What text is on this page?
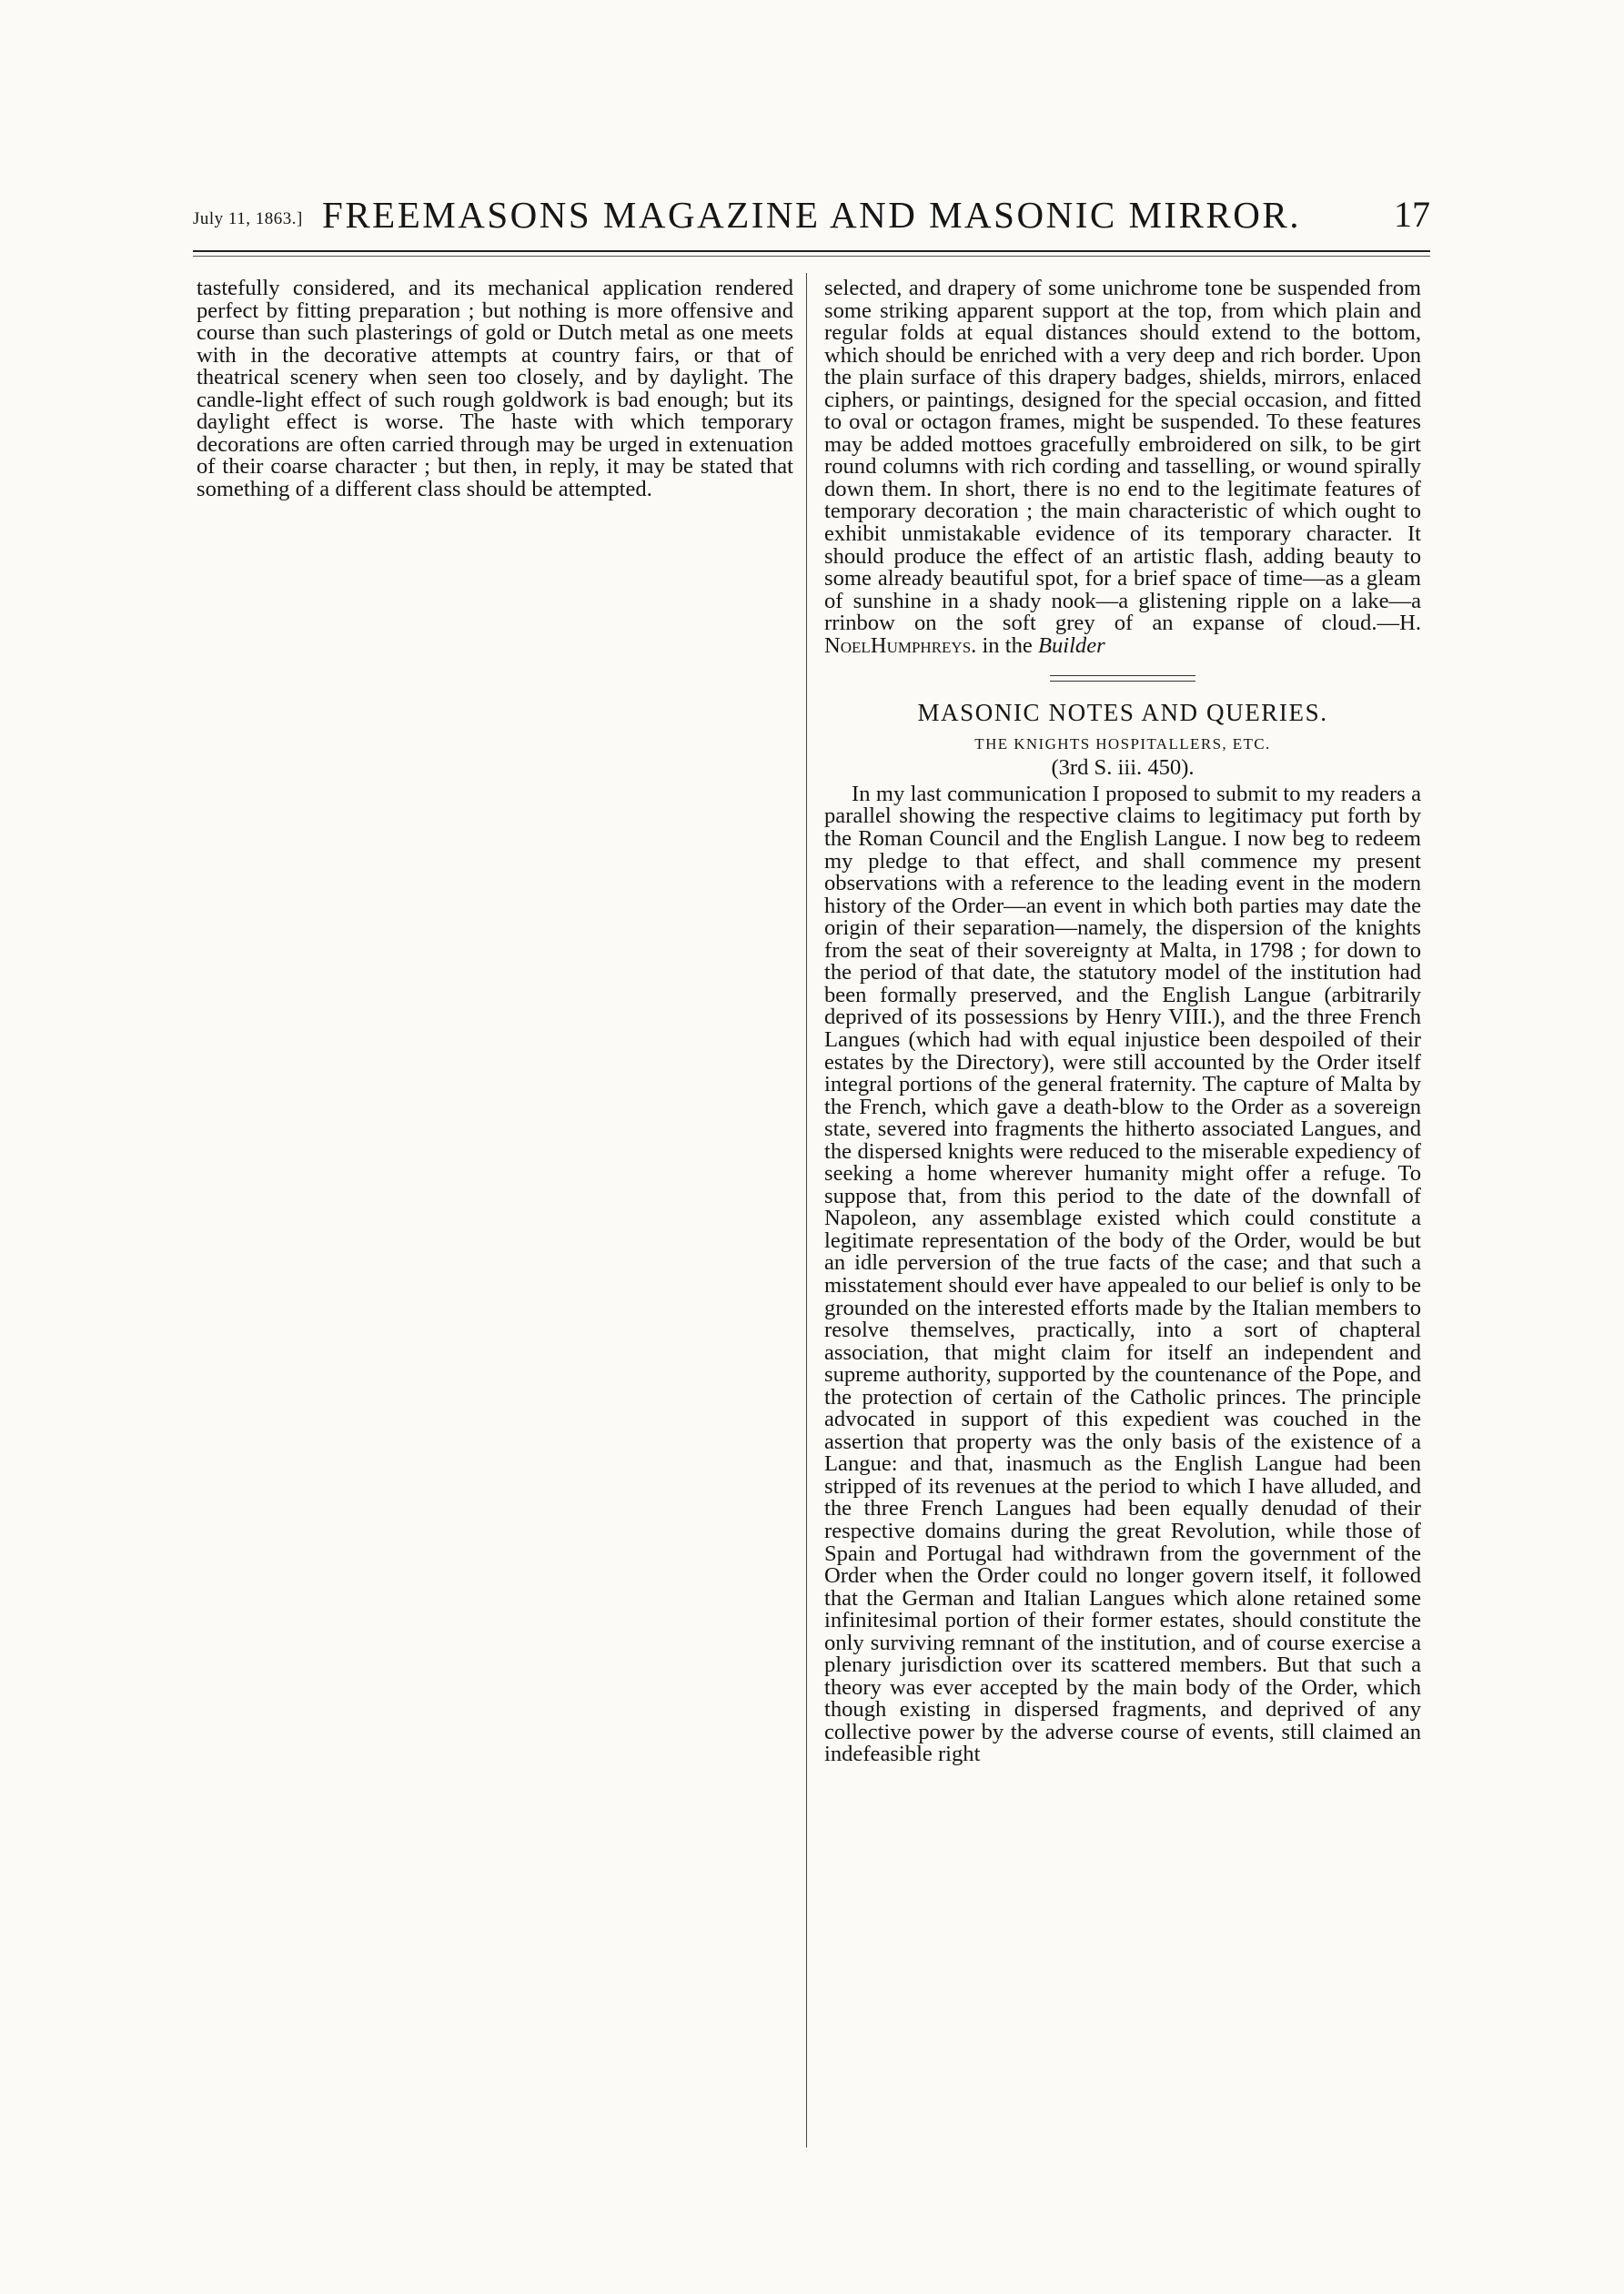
July 11, 1863.] FREEMASONS MAGAZINE AND MASONIC MIRROR.	17

tastefully considered, and its mechanical application rendered perfect by fitting preparation ; but nothing is more offensive and course than such plasterings of gold or Dutch metal as one meets with in the decorative attempts at country fairs, or that of theatrical scenery when seen too closely, and by daylight. The candle-light effect of such rough goldwork is bad enough; but its daylight effect is worse. The haste with which temporary decorations are often carried through may be urged in extenuation of their coarse character ; but then, in reply, it may be stated that something of a different class should be attempted.

selected, and drapery of some unichrome tone be suspended from some striking apparent support at the top, from which plain and regular folds at equal distances should extend to the bottom, which should be enriched with a very deep and rich border. Upon the plain surface of this drapery badges, shields, mirrors, enlaced ciphers, or paintings, designed for the special occasion, and fitted to oval or octagon frames, might be suspended. To these features may be added mottoes gracefully embroidered on silk, to be girt round columns with rich cording and tasselling, or wound spirally down them. In short, there is no end to the legitimate features of temporary decoration ; the main characteristic of which ought to exhibit unmistakable evidence of its temporary character. It should produce the effect of an artistic flash, adding beauty to some already beautiful spot, for a brief space of time—as a gleam of sunshine in a shady nook—a glistening ripple on a lake—a rrinbow on the soft grey of an expanse of cloud.—H. NoelHumphreys. in the Builder

MASONIC NOTES AND QUERIES.
THE KNIGHTS HOSPITALLERS, ETC.
(3rd S. iii. 450).

In my last communication I proposed to submit to my readers a parallel showing the respective claims to legitimacy put forth by the Roman Council and the English Langue. I now beg to redeem my pledge to that effect, and shall commence my present observations with a reference to the leading event in the modern history of the Order—an event in which both parties may date the origin of their separation—namely, the dispersion of the knights from the seat of their sovereignty at Malta, in 1798 ; for down to the period of that date, the statutory model of the institution had been formally preserved, and the English Langue (arbitrarily deprived of its possessions by Henry VIII.), and the three French Langues (which had with equal injustice been despoiled of their estates by the Directory), were still accounted by the Order itself integral portions of the general fraternity. The capture of Malta by the French, which gave a death-blow to the Order as a sovereign state, severed into fragments the hitherto associated Langues, and the dispersed knights were reduced to the miserable expediency of seeking a home wherever humanity might offer a refuge. To suppose that, from this period to the date of the downfall of Napoleon, any assemblage existed which could constitute a legitimate representation of the body of the Order, would be but an idle perversion of the true facts of the case; and that such a misstatement should ever have appealed to our belief is only to be grounded on the interested efforts made by the Italian members to resolve themselves, practically, into a sort of chapteral association, that might claim for itself an independent and supreme authority, supported by the countenance of the Pope, and the protection of certain of the Catholic princes. The principle advocated in support of this expedient was couched in the assertion that property was the only basis of the existence of a Langue: and that, inasmuch as the English Langue had been stripped of its revenues at the period to which I have alluded, and the three French Langues had been equally denudad of their respective domains during the great Revolution, while those of Spain and Portugal had withdrawn from the government of the Order when the Order could no longer govern itself, it followed that the German and Italian Langues which alone retained some infinitesimal portion of their former estates, should constitute the only surviving remnant of the institution, and of course exercise a plenary jurisdiction over its scattered members. But that such a theory was ever accepted by the main body of the Order, which though existing in dispersed fragments, and deprived of any collective power by the adverse course of events, still claimed an indefeasible right
